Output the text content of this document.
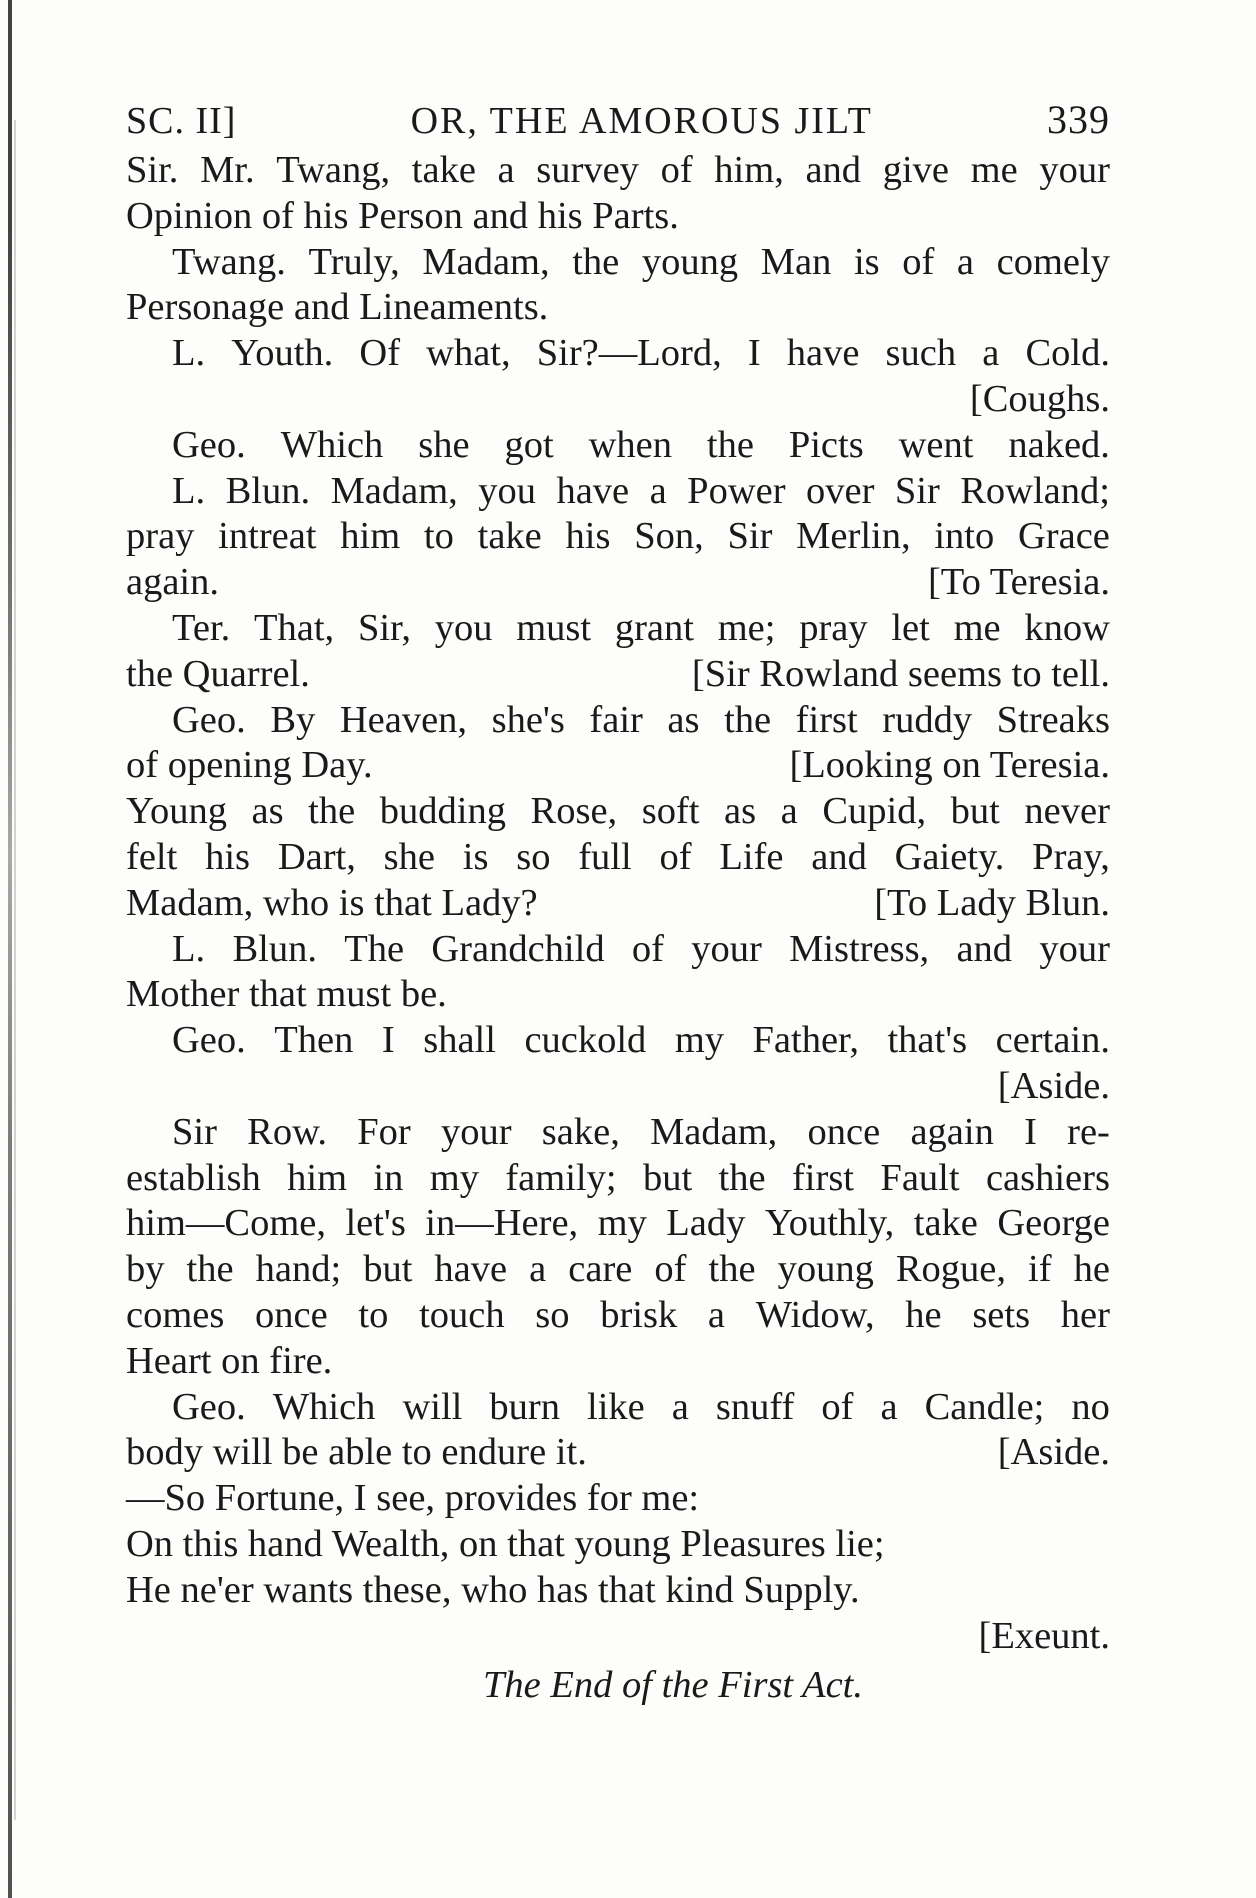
SC. II]	OR, THE AMOROUS JILT	339
Sir. Mr. Twang, take a survey of him, and give me your
Opinion of his Person and his Parts.
Twang. Truly, Madam, the young Man is of a comely
Personage and Lineaments.
L. Youth. Of what, Sir?—Lord, I have such a Cold.
[Coughs.
Geo. Which she got when the Picts went naked.
L. Blun. Madam, you have a Power over Sir Rowland;
pray intreat him to take his Son, Sir Merlin, into Grace
again.	[To Teresia.
Ter. That, Sir, you must grant me; pray let me know
the Quarrel.	[Sir Rowland seems to tell.
Geo. By Heaven, she's fair as the first ruddy Streaks
of opening Day.	[Looking on Teresia.
Young as the budding Rose, soft as a Cupid, but never
felt his Dart, she is so full of Life and Gaiety. Pray,
Madam, who is that Lady?	[To Lady Blun.
L. Blun. The Grandchild of your Mistress, and your
Mother that must be.
Geo. Then I shall cuckold my Father, that's certain.
[Aside.
Sir Row. For your sake, Madam, once again I re-
establish him in my family; but the first Fault cashiers
him—Come, let's in—Here, my Lady Youthly, take George
by the hand; but have a care of the young Rogue, if he
comes once to touch so brisk a Widow, he sets her
Heart on fire.
Geo. Which will burn like a snuff of a Candle; no
body will be able to endure it.	[Aside.
—So Fortune, I see, provides for me:
On this hand Wealth, on that young Pleasures lie;
He ne'er wants these, who has that kind Supply.
[Exeunt.
The End of the First Act.
